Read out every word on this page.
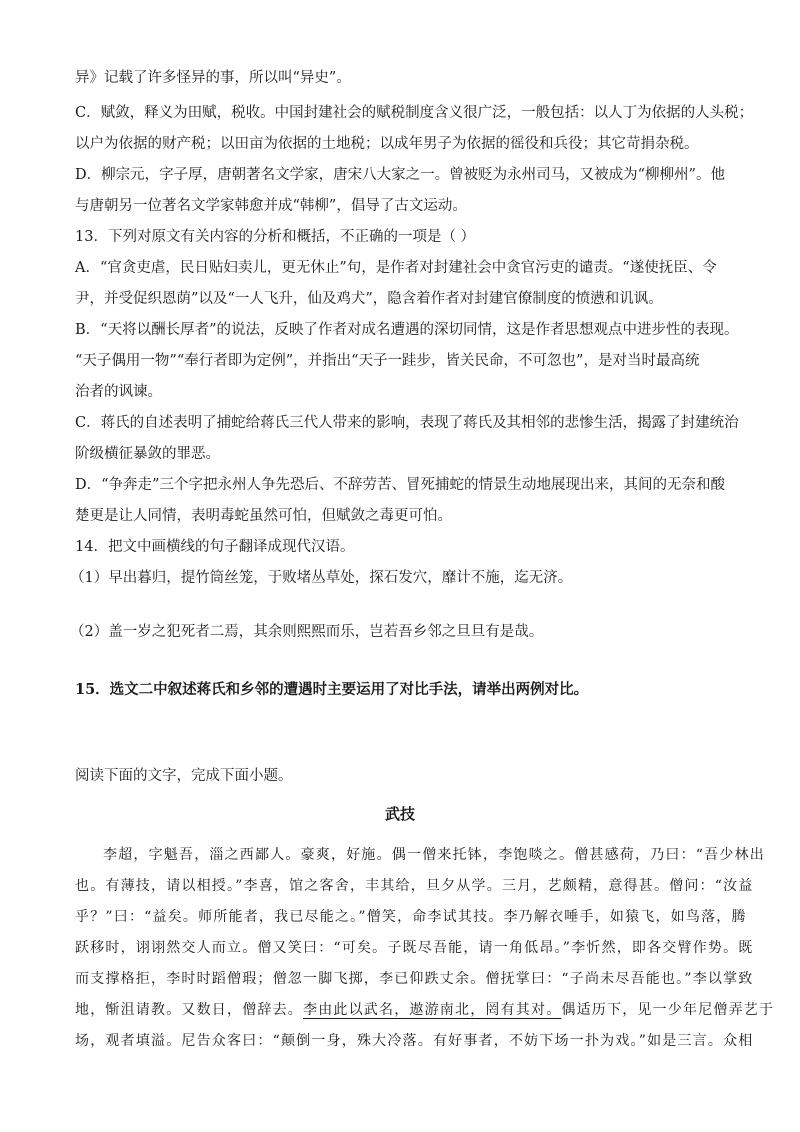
异》记载了许多怪异的事，所以叫“异史”。
C．赋敛，释义为田赋，税收。中国封建社会的赋税制度含义很广泛，一般包括：以人丁为依据的人头税；
以户为依据的财产税；以田亩为依据的土地税；以成年男子为依据的徭役和兵役；其它苛捐杂税。
D．柳宗元，字子厚，唐朝著名文学家，唐宋八大家之一。曾被贬为永州司马，又被成为“柳柳州”。他
与唐朝另一位著名文学家韩愈并成“韩柳”，倡导了古文运动。
13．下列对原文有关内容的分析和概括，不正确的一项是（ ）
A．“官贪吏虐，民日贴妇卖儿，更无休止”句，是作者对封建社会中贪官污吏的谴责。“遂使抚臣、令
尹，并受促织恩荫”以及“一人飞升，仙及鸡犬”，隐含着作者对封建官僚制度的愤懑和讥讽。
B．“天将以酬长厚者”的说法，反映了作者对成名遭遇的深切同情，这是作者思想观点中进步性的表现。
“天子偶用一物”“奉行者即为定例”，并指出“天子一跬步，皆关民命，不可忽也”，是对当时最高统
治者的讽谏。
C．蒋氏的自述表明了捕蛇给蒋氏三代人带来的影响，表现了蒋氏及其相邻的悲惨生活，揭露了封建统治
阶级横征暴敛的罪恶。
D．“争奔走”三个字把永州人争先恐后、不辞劳苦、冒死捕蛇的情景生动地展现出来，其间的无奈和酸
楚更是让人同情，表明毒蛇虽然可怕，但赋敛之毒更可怕。
14．把文中画横线的句子翻译成现代汉语。
（1）早出暮归，提竹筒丝笼，于败堵丛草处，探石发穴，靡计不施，迄无济。
（2）盖一岁之犯死者二焉，其余则熙熙而乐，岂若吾乡邻之旦旦有是哉。
15．选文二中叙述蒋氏和乡邻的遭遇时主要运用了对比手法，请举出两例对比。
阅读下面的文字，完成下面小题。
武技
李超，字魁吾，淄之西鄙人。豪爽，好施。偶一僧来托钵，李饱啖之。僧甚感荷，乃曰：“吾少林出
也。有薄技，请以相授。”李喜，馆之客舍，丰其给，旦夕从学。三月，艺颇精，意得甚。僧问：“汝益
乎？”曰：“益矣。师所能者，我已尽能之。”僧笑，命李试其技。李乃解衣唾手，如猿飞，如鸟落，腾
跃移时，诩诩然交人而立。僧又笑曰：“可矣。子既尽吾能，请一角低昂。”李忻然，即各交臂作势。既
而支撑格拒，李时时蹈僧瑕；僧忽一脚飞掷，李已仰跌丈余。僧抚掌曰：“子尚未尽吾能也。”李以掌致
地，惭沮请教。又数日，僧辞去。李由此以武名，遨游南北，罔有其对。偶适历下，见一少年尼僧弄艺于
场，观者填溢。尼告众客曰：“颠倒一身，殊大冷落。有好事者，不妨下场一扑为戏。”如是三言。众相
